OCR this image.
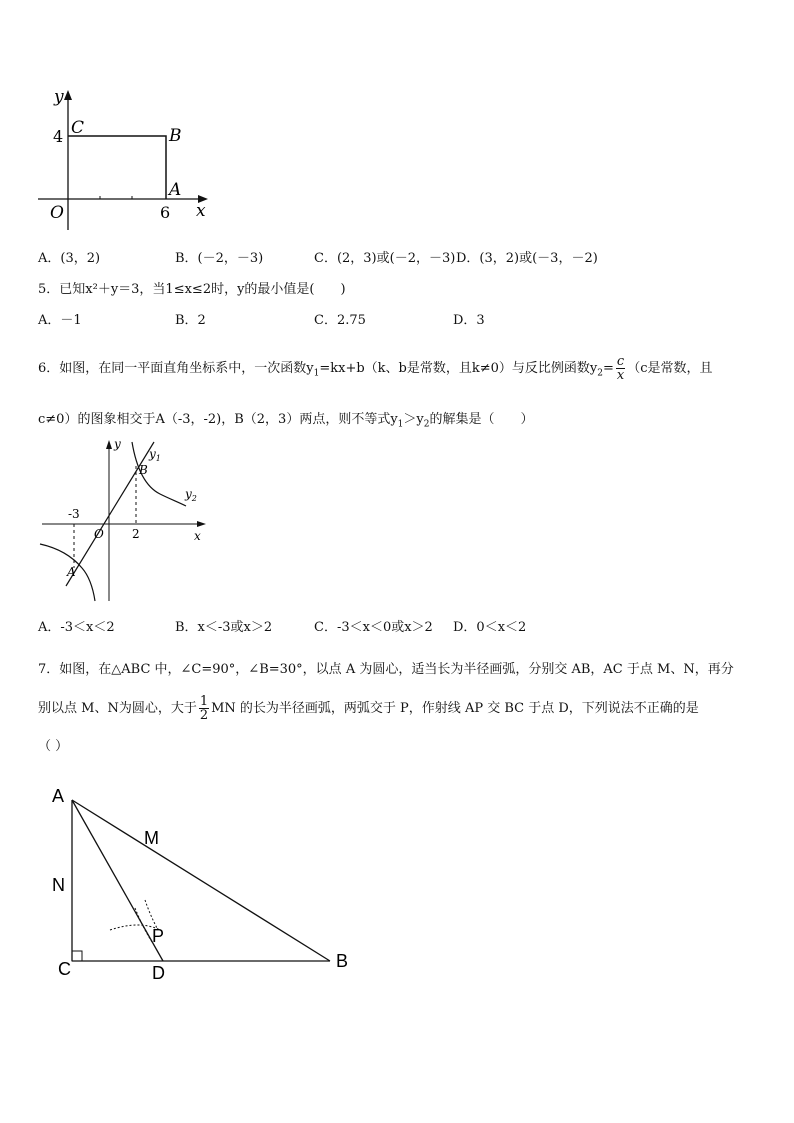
y
x
C	B
A
O
4
6
A．(3，2)	B．(－2，－3)	C．(2，3)或(－2，－3) D．(3，2)或(－3，－2)
5．已知x²＋y＝3，当1≤x≤2时，y的最小值是(　　)
A．－1	B．2	C．2.75	D．3
6．如图，在同一平面直角坐标系中，一次函数$y_1=kx+b(k$、b是常数，且k≠0）与反比例函数$y_2= \frac{c}{x} (c$是常数，且
c≠0）的图象相交于A（-3，-2)，B（2，3）两点，则不等式$y_1>y_2$的解集是（　　）
y
x
O
-3
2
B
A
$y_1$
$y_2$
A．-3＜x＜2	B．x＜-3或x＞2	C．-3＜x＜0或x＞2 D．0＜x＜2
7．如图，在△ABC 中，∠C=90°，∠B=30°，以点 A 为圆心，适当长为半径画弧，分别交 AB，AC 于点 M、N，再分
别以点 M、N为圆心，大于 $\frac{1}{2}$ MN 的长为半径画弧，两弧交于 P，作射线 AP 交 BC 于点 D，下列说法不正确的是
（ ）
A
M
N
P
C	D
B
